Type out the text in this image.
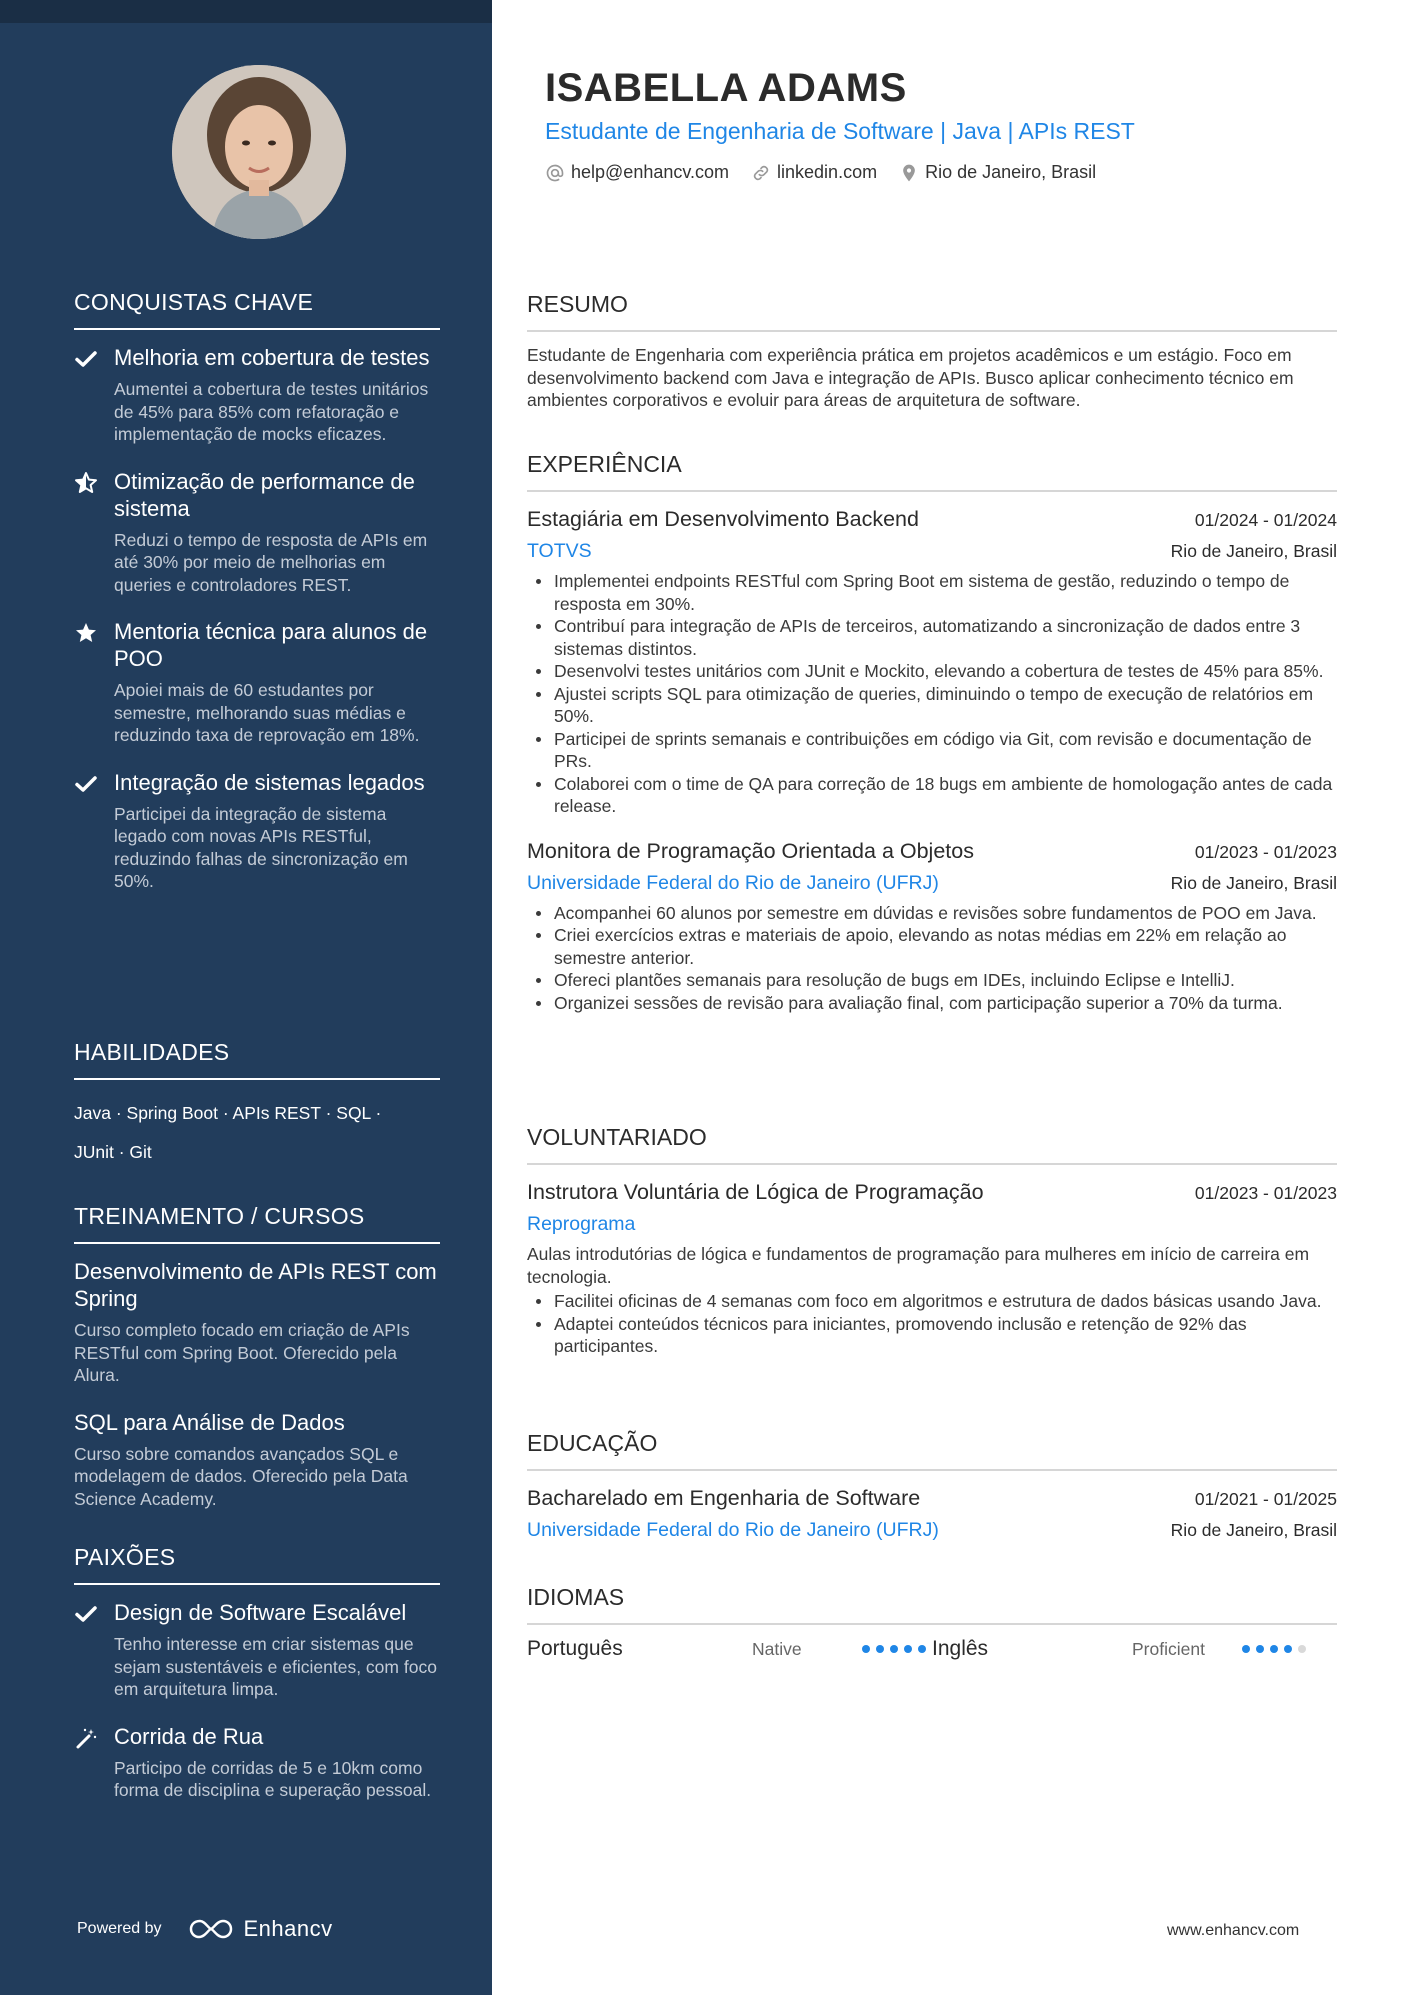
CONQUISTAS CHAVE
Melhoria em cobertura de testes
Aumentei a cobertura de testes unitários de 45% para 85% com refatoração e implementação de mocks eficazes.
Otimização de performance de sistema
Reduzi o tempo de resposta de APIs em até 30% por meio de melhorias em queries e controladores REST.
Mentoria técnica para alunos de POO
Apoiei mais de 60 estudantes por semestre, melhorando suas médias e reduzindo taxa de reprovação em 18%.
Integração de sistemas legados
Participei da integração de sistema legado com novas APIs RESTful, reduzindo falhas de sincronização em 50%.
HABILIDADES
Java · Spring Boot · APIs REST · SQL ·
JUnit · Git
TREINAMENTO / CURSOS
Desenvolvimento de APIs REST com Spring
Curso completo focado em criação de APIs RESTful com Spring Boot. Oferecido pela Alura.
SQL para Análise de Dados
Curso sobre comandos avançados SQL e modelagem de dados. Oferecido pela Data Science Academy.
PAIXÕES
Design de Software Escalável
Tenho interesse em criar sistemas que sejam sustentáveis e eficientes, com foco em arquitetura limpa.
Corrida de Rua
Participo de corridas de 5 e 10km como forma de disciplina e superação pessoal.
Powered by	Enhancv
ISABELLA ADAMS
Estudante de Engenharia de Software | Java | APIs REST
help@enhancv.com	linkedin.com	Rio de Janeiro, Brasil
RESUMO
Estudante de Engenharia com experiência prática em projetos acadêmicos e um estágio. Foco em desenvolvimento backend com Java e integração de APIs. Busco aplicar conhecimento técnico em ambientes corporativos e evoluir para áreas de arquitetura de software.
EXPERIÊNCIA
Estagiária em Desenvolvimento Backend	01/2024 - 01/2024
TOTVS	Rio de Janeiro, Brasil
Implementei endpoints RESTful com Spring Boot em sistema de gestão, reduzindo o tempo de resposta em 30%.
Contribuí para integração de APIs de terceiros, automatizando a sincronização de dados entre 3 sistemas distintos.
Desenvolvi testes unitários com JUnit e Mockito, elevando a cobertura de testes de 45% para 85%.
Ajustei scripts SQL para otimização de queries, diminuindo o tempo de execução de relatórios em 50%.
Participei de sprints semanais e contribuições em código via Git, com revisão e documentação de PRs.
Colaborei com o time de QA para correção de 18 bugs em ambiente de homologação antes de cada release.
Monitora de Programação Orientada a Objetos	01/2023 - 01/2023
Universidade Federal do Rio de Janeiro (UFRJ)	Rio de Janeiro, Brasil
Acompanhei 60 alunos por semestre em dúvidas e revisões sobre fundamentos de POO em Java.
Criei exercícios extras e materiais de apoio, elevando as notas médias em 22% em relação ao semestre anterior.
Ofereci plantões semanais para resolução de bugs em IDEs, incluindo Eclipse e IntelliJ.
Organizei sessões de revisão para avaliação final, com participação superior a 70% da turma.
VOLUNTARIADO
Instrutora Voluntária de Lógica de Programação	01/2023 - 01/2023
Reprograma
Aulas introdutórias de lógica e fundamentos de programação para mulheres em início de carreira em tecnologia.
Facilitei oficinas de 4 semanas com foco em algoritmos e estrutura de dados básicas usando Java.
Adaptei conteúdos técnicos para iniciantes, promovendo inclusão e retenção de 92% das participantes.
EDUCAÇÃO
Bacharelado em Engenharia de Software	01/2021 - 01/2025
Universidade Federal do Rio de Janeiro (UFRJ)	Rio de Janeiro, Brasil
IDIOMAS
Português	Native	Inglês	Proficient
www.enhancv.com
